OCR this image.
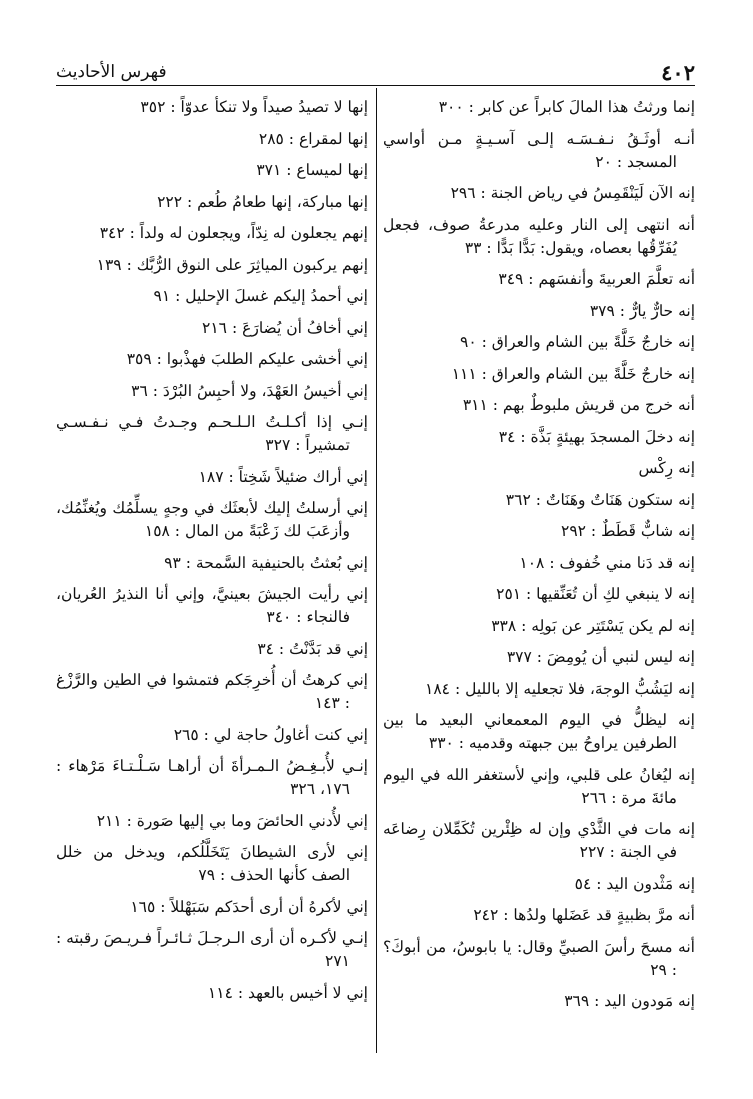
٤٠٢
فهرس الأحاديث
إنما ورثتُ هذا المالَ كابراً عن كابر : ٣٠٠
أنـه أوثَـقُ نـفـسَـه إلـى آسـيـةٍ مـن أواسي المسجد : ٢٠
إنه الآن لَيَنْقَمِسُ في رياض الجنة : ٢٩٦
أنه انتهى إلى النار وعليه مدرعةُ صوف، فجعل يُفَرِّقُها بعصاه، ويقول: بَدًّا بَدًّا : ٣٣
أنه تعلَّمَ العربيةَ وأنفسَهم : ٣٤٩
إنه حارٌّ يارٌّ : ٣٧٩
إنه خارجٌ خَلَّةً بين الشام والعراق : ٩٠
إنه خارجٌ خَلَّةً بين الشام والعراق : ١١١
أنه خرج من قريش ملبوطٌ بهم : ٣١١
إنه دخلَ المسجدَ بهيئةٍ بَذَّة : ٣٤
إنه رِكْس
إنه ستكون هَنَاتٌ وهَنَاتٌ : ٣٦٢
إنه شابٌّ قَطَطٌ : ٢٩٢
إنه قد دَنا مني خُفوف : ١٠٨
إنه لا ينبغي لكِ أن تُعَنِّقيها : ٢٥١
إنه لم يكن يَسْتَتِر عن بَولِه : ٣٣٨
إنه ليس لنبي أن يُومِضَ : ٣٧٧
إنه ليَشُبُّ الوجهَ، فلا تجعليه إلا بالليل : ١٨٤
إنه ليظلُّ في اليوم المعمعاني البعيد ما بين الطرفين يراوحُ بين جبهته وقدميه : ٣٣٠
إنه ليُغانُ على قلبي، وإني لأستغفر الله في اليوم مائةَ مرة : ٢٦٦
إنه مات في الثَّدْي وإن له ظِئْرين تُكَمِّلان رِضاعَه في الجنة : ٢٢٧
إنه مَثْدون اليد : ٥٤
أنه مرَّ بظبيةٍ قد عَضَلها ولدُها : ٢٤٢
أنه مسحَ رأسَ الصبيِّ وقال: يا بابوسُ، من أبوكَ؟ : ٢٩
إنه مَودون اليد : ٣٦٩
إنها لا تصيدُ صيداً ولا تنكأ عدوّاً : ٣٥٢
إنها لمقراع : ٢٨٥
إنها لميساع : ٣٧١
إنها مباركة، إنها طعامُ طُعم : ٢٢٢
إنهم يجعلون له نِدّاً، ويجعلون له ولداً : ٣٤٢
إنهم يركبون المياثِرَ على النوق الرُّبَّك : ١٣٩
إني أحمدُ إليكم غسلَ الإحليل : ٩١
إني أخافُ أن يُضارَعَ : ٢١٦
إني أخشى عليكم الطلبَ فهذْبوا : ٣٥٩
إني أخيسُ العَهْدَ، ولا أحبِسُ البُرْدَ : ٣٦
إنـي إذا أكـلـتُ الـلـحـم وجـدتُ فـي نـفـسـي تمشيراً : ٣٢٧
إني أراك ضئيلاً شَخِتاً : ١٨٧
إني أرسلتُ إليك لأبعثَك في وجهٍ يسلِّمُك ويُغنِّمُك، وأزعَبَ لك زَعْبَةً من المال : ١٥٨
إني بُعثتُ بالحنيفية السَّمحة : ٩٣
إني رأيت الجيشَ بعينيَّ، وإني أنا النذيرُ العُريان، فالنجاء : ٣٤٠
إني قد بَدَّنْتُ : ٣٤
إني كرهتُ أن أُخرِجَكم فتمشوا في الطين والرَّزْغ : ١٤٣
إني كنت أغاولُ حاجة لي : ٢٦٥
إنـي لأُبـغِـضُ الـمـرأةَ أن أراهـا سَـلْـتـاءَ مَرْهاء : ١٧٦، ٣٢٦
إني لأُدني الحائضَ وما بي إليها صَورة : ٢١١
إني لأرى الشيطانَ يَتَخَلَّلُكم، ويدخل من خلل الصف كأنها الحذف : ٧٩
إني لأكرهُ أن أرى أحدَكم سَبَهْللاً : ١٦٥
إنـي لأكـره أن أرى الـرجـلَ ثـائـراً فـريـصَ رقبته : ٢٧١
إني لا أخيس بالعهد : ١١٤
